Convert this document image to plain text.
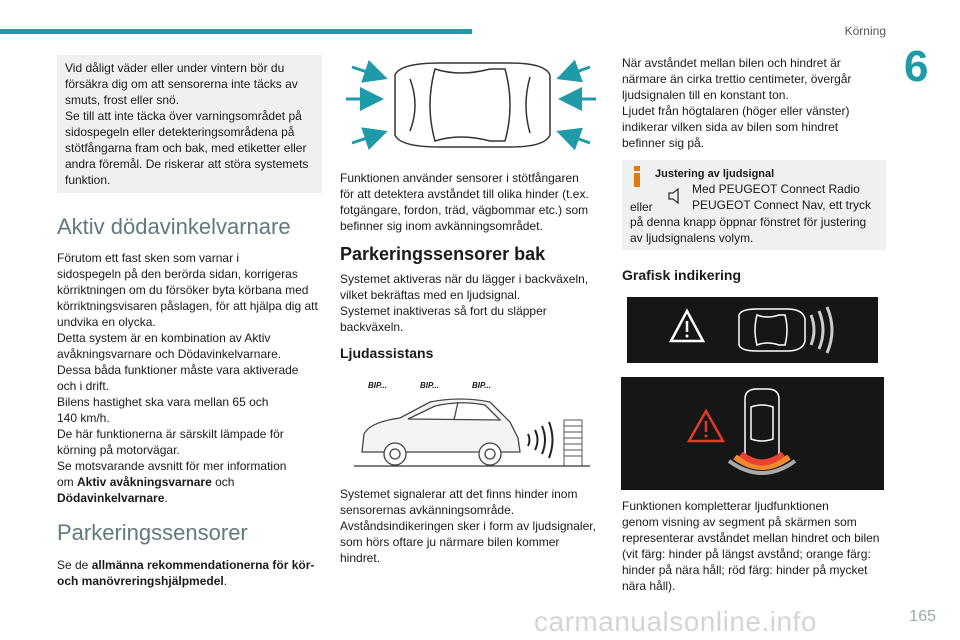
Körning
6
Vid dåligt väder eller under vintern bör du
försäkra dig om att sensorerna inte täcks av
smuts, frost eller snö.
Se till att inte täcka över varningsområdet på
sidospegeln eller detekteringsområdena på
stötfångarna fram och bak, med etiketter eller
andra föremål. De riskerar att störa systemets
funktion.
Aktiv dödavinkelvarnare
Förutom ett fast sken som varnar i
sidospegeln på den berörda sidan, korrigeras
körriktningen om du försöker byta körbana med
körriktningsvisaren påslagen, för att hjälpa dig att
undvika en olycka.
Detta system är en kombination av Aktiv
avåkningsvarnare och Dödavinkelvarnare.
Dessa båda funktioner måste vara aktiverade
och i drift.
Bilens hastighet ska vara mellan 65 och
140 km/h.
De här funktionerna är särskilt lämpade för
körning på motorvägar.
Se motsvarande avsnitt för mer information
om Aktiv avåkningsvarnare och
Dödavinkelvarnare.
Parkeringssensorer
Se de allmänna rekommendationerna för kör-
och manövreringshjälpmedel.
Funktionen använder sensorer i stötfångaren
för att detektera avståndet till olika hinder (t.ex.
fotgängare, fordon, träd, vägbommar etc.) som
befinner sig inom avkänningsområdet.
Parkeringssensorer bak
Systemet aktiveras när du lägger i backväxeln,
vilket bekräftas med en ljudsignal.
Systemet inaktiveras så fort du släpper
backväxeln.
Ljudassistans
BIP...	BIP...	BIP...
Systemet signalerar att det finns hinder inom
sensorernas avkänningsområde.
Avståndsindikeringen sker i form av ljudsignaler,
som hörs oftare ju närmare bilen kommer
hindret.
När avståndet mellan bilen och hindret är
närmare än cirka trettio centimeter, övergår
ljudsignalen till en konstant ton.
Ljudet från högtalaren (höger eller vänster)
indikerar vilken sida av bilen som hindret
befinner sig på.
Justering av ljudsignal
Med PEUGEOT Connect Radio
eller	PEUGEOT Connect Nav, ett tryck
på denna knapp öppnar fönstret för justering
av ljudsignalens volym.
Grafisk indikering
Funktionen kompletterar ljudfunktionen
genom visning av segment på skärmen som
representerar avståndet mellan hindret och bilen
(vit färg: hinder på längst avstånd; orange färg:
hinder på nära håll; röd färg: hinder på mycket
nära håll).
carmanualsonline.info	165
